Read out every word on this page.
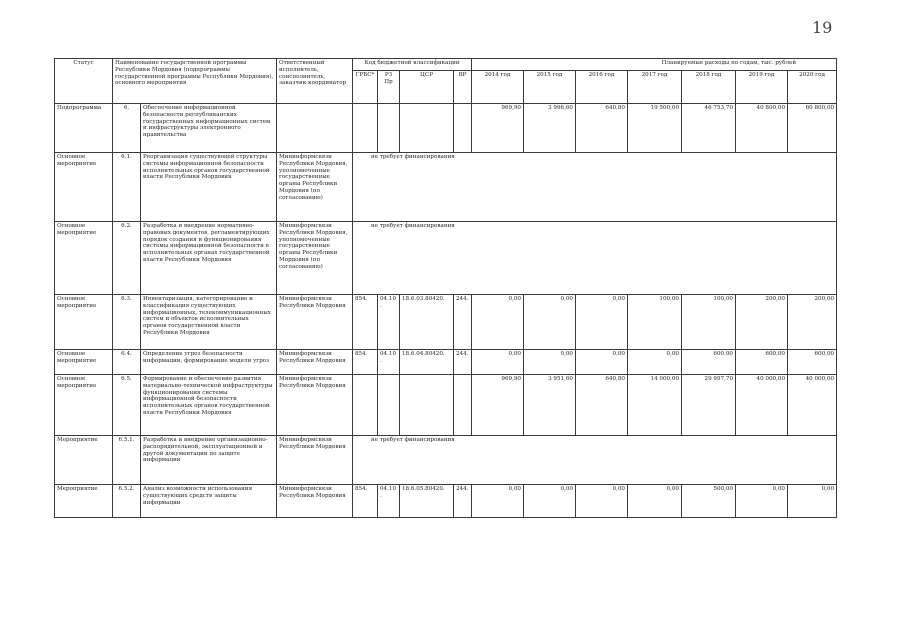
19
Статус	Наименование государственной программы Республики Мордовия (подпрограммы государственной программы Республики Мордовия), основного мероприятия		Ответственный исполнитель, соисполнитель, заказчик-координатор	Код бюджетной классификации				Планируемые расходы по годам, тыс. рублей						
				ГРБС*	РЗ Пр	ЦСР	ВР	2014 год	2015 год	2016 год	2017 год	2018 год	2019 год	2020 год
Подпрограмма	6.	Обеспечение информационной безопасности республиканских государственных информационных систем и инфраструктуры электронного правительства						969,90	3 996,60	640,80	19 500,00	46 753,70	40 800,00	60 800,00
Основное мероприятие	6.1.	Реорганизация существующей структуры системы информационной безопасности исполнительных органов государственной власти Республики Мордовия	Мининформсвязи Республики Мордовия, уполномоченные государственные органы Республики Мордовия (по согласованию)	не требует финансирования										
Основное мероприятие	6.2.	Разработка и внедрение нормативно-правовых документов, регламентирующих порядок создания и функционирования системы информационной безопасности в исполнительных органах государственной власти Республики Мордовия	Мининформсвязи Республики Мордовия, уполномоченные государственные органы Республики Мордовия (по согласованию)	не требует финансирования										
Основное мероприятие	6.3.	Инвентаризация, категорирование и классификация существующих информационных, телекоммуникационных систем и объектов исполнительных органов государственной власти Республики Мордовия	Мининформсвязи Республики Мордовия	854.	04.10.	18.6.03.80420.	244.	0,00	0,00	0,00	100,00	100,00	200,00	200,00
Основное мероприятие	6.4.	Определение угроз безопасности информации, формирование модели угроз	Мининформсвязи Республики Мордовия	854.	04.10.	18.6.04.80420.	244.	0,00	0,00	0,00	0,00	600,00	600,00	600,00
Основное мероприятие	6.5.	Формирование и обеспечение развития материально-технической инфраструктуры функционирования системы информационной безопасности исполнительных органов государственной власти Республики Мордовия	Мининформсвязи Республики Мордовия					969,90	3 951,60	640,80	14 000,00	29 997,70	40 000,00	40 000,00
Мероприятие	6.5.1.	Разработка и внедрение организационно-распорядительной, эксплуатационной и другой документации по защите информации	Мининформсвязи Республики Мордовия	не требует финансирования										
Мероприятие	6.5.2.	Анализ возможности использования существующих средств защиты информации	Мининформсвязи Республики Мордовия	854.	04.10.	18.6.05.80420.	244.	0,00	0,00	0,00	0,00	500,00	0,00	0,00
